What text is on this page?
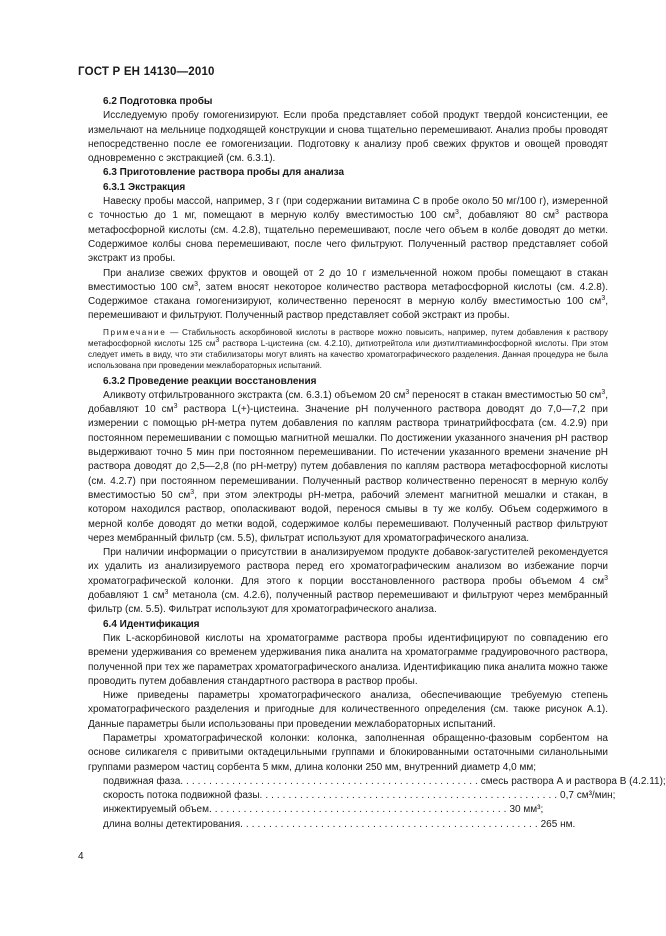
ГОСТ Р ЕН 14130—2010

6.2 Подготовка пробы

Исследуемую пробу гомогенизируют. Если проба представляет собой продукт твердой консистенции, ее измельчают на мельнице подходящей конструкции и снова тщательно перемешивают. Анализ пробы проводят непосредственно после ее гомогенизации. Подготовку к анализу проб свежих фруктов и овощей проводят одновременно с экстракцией (см. 6.3.1).

6.3 Приготовление раствора пробы для анализа

6.3.1 Экстракция

Навеску пробы массой, например, 3 г (при содержании витамина С в пробе около 50 мг/100 г), измеренной с точностью до 1 мг, помещают в мерную колбу вместимостью 100 $см^3$, добавляют 80 $см^3$ раствора метафосфорной кислоты (см. 4.2.8), тщательно перемешивают, после чего объем в колбе доводят до метки. Содержимое колбы снова перемешивают, после чего фильтруют. Полученный раствор представляет собой экстракт из пробы.

При анализе свежих фруктов и овощей от 2 до 10 г измельченной ножом пробы помещают в стакан вместимостью 100 $см^3$, затем вносят некоторое количество раствора метафосфорной кислоты (см. 4.2.8). Содержимое стакана гомогенизируют, количественно переносят в мерную колбу вместимостью 100 $см^3$, перемешивают и фильтруют. Полученный раствор представляет собой экстракт из пробы.

Примечание — Стабильность аскорбиновой кислоты в растворе можно повысить, например, путем добавления к раствору метафосфорной кислоты 125 $см^3$ раствора L-цистеина (см. 4.2.10), дитиотрейтола или диэтилтиаминфосфорной кислоты. При этом следует иметь в виду, что эти стабилизаторы могут влиять на качество хроматографического разделения. Данная процедура не была использована при проведении межлабораторных испытаний.

6.3.2 Проведение реакции восстановления

Аликвоту отфильтрованного экстракта (см. 6.3.1) объемом 20 $см^3$ переносят в стакан вместимостью 50 $см^3$, добавляют 10 $см^3$ раствора L(+)-цистеина. Значение рН полученного раствора доводят до 7,0—7,2 при измерении с помощью рН-метра путем добавления по каплям раствора тринатрийфосфата (см. 4.2.9) при постоянном перемешивании с помощью магнитной мешалки. По достижении указанного значения рН раствор выдерживают точно 5 мин при постоянном перемешивании. По истечении указанного времени значение рН раствора доводят до 2,5—2,8 (по рН-метру) путем добавления по каплям раствора метафосфорной кислоты (см. 4.2.7) при постоянном перемешивании. Полученный раствор количественно переносят в мерную колбу вместимостью 50 $см^3$, при этом электроды рН-метра, рабочий элемент магнитной мешалки и стакан, в котором находился раствор, ополаскивают водой, перенося смывы в ту же колбу. Объем содержимого в мерной колбе доводят до метки водой, содержимое колбы перемешивают. Полученный раствор фильтруют через мембранный фильтр (см. 5.5), фильтрат используют для хроматографического анализа.

При наличии информации о присутствии в анализируемом продукте добавок-загустителей рекомендуется их удалить из анализируемого раствора перед его хроматографическим анализом во избежание порчи хроматографической колонки. Для этого к порции восстановленного раствора пробы объемом 4 $см^3$ добавляют 1 $см^3$ метанола (см. 4.2.6), полученный раствор перемешивают и фильтруют через мембранный фильтр (см. 5.5). Фильтрат используют для хроматографического анализа.

6.4 Идентификация

Пик L-аскорбиновой кислоты на хроматограмме раствора пробы идентифицируют по совпадению его времени удерживания со временем удерживания пика аналита на хроматограмме градуировочного раствора, полученной при тех же параметрах хроматографического анализа. Идентификацию пика аналита можно также проводить путем добавления стандартного раствора в раствор пробы.

Ниже приведены параметры хроматографического анализа, обеспечивающие требуемую степень хроматографического разделения и пригодные для количественного определения (см. также рисунок А.1). Данные параметры были использованы при проведении межлабораторных испытаний.

Параметры хроматографической колонки: колонка, заполненная обращенно-фазовым сорбентом на основе силикагеля с привитыми октадецильными группами и блокированными остаточными силанольными группами размером частиц сорбента 5 мкм, длина колонки 250 мм, внутренний диаметр 4,0 мм;

подвижная фаза .................................................... смесь раствора А и раствора В (4.2.11);
скорость потока подвижной фазы .................................................... 0,7 см³/мин;
инжектируемый объем .................................................... 30 мм³;
длина волны детектирования .................................................... 265 нм.
4
